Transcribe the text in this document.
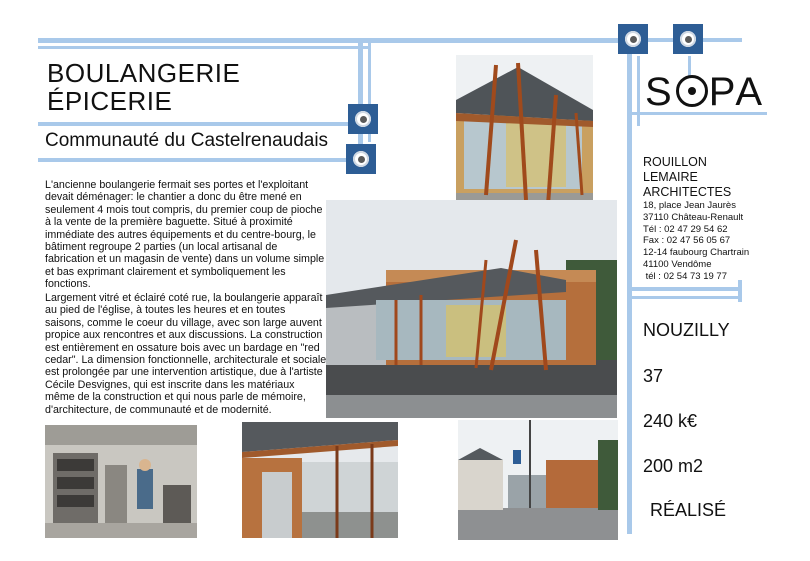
BOULANGERIE
ÉPICERIE
Communauté du Castelrenaudais
L'ancienne boulangerie fermait ses portes et l'exploitant devait déménager: le chantier a donc du être mené en seulement 4 mois tout compris, du premier coup de pioche à la vente de la première baguette. Situé à proximité immédiate des autres équipements et du centre-bourg, le bâtiment regroupe 2 parties (un local artisanal de fabrication et un magasin de vente) dans un volume simple et bas exprimant clairement et symboliquement les fonctions.
Largement vitré et éclairé coté rue, la boulangerie apparaît au pied de l'église, à toutes les heures et en toutes saisons, comme le coeur du village, avec son large auvent propice aux rencontres et aux discussions. La construction est entièrement en ossature bois avec un bardage en "red cedar". La dimension fonctionnelle, architecturale et sociale est prolongée par une intervention artistique, due à l'artiste Cécile Desvignes, qui est inscrite dans les matériaux même de la construction et qui nous parle de mémoire, d'architecture, de communauté et de modernité.
S PA
ROUILLON
LEMAIRE
ARCHITECTES
18, place Jean Jaurès
37110 Château-Renault
Tél : 02 47 29 54 62
Fax : 02 47 56 05 67
12-14 faubourg Chartrain
41100 Vendôme
tél : 02 54 73 19 77
NOUZILLY
37
240 k€
200 m2
RÉALISÉ
